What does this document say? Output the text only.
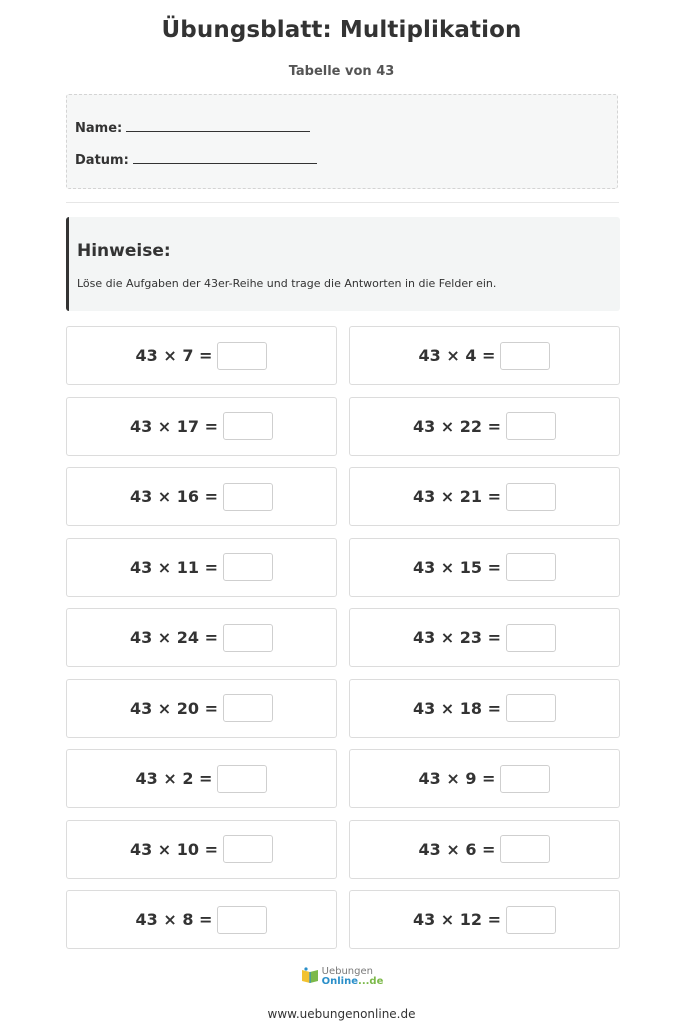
Übungsblatt: Multiplikation
Tabelle von 43
Name:
Datum:
Hinweise:
Löse die Aufgaben der 43er-Reihe und trage die Antworten in die Felder ein.
43 × 7 =	43 × 4 =
43 × 17 =	43 × 22 =
43 × 16 =	43 × 21 =
43 × 11 =	43 × 15 =
43 × 24 =	43 × 23 =
43 × 20 =	43 × 18 =
43 × 2 =	43 × 9 =
43 × 10 =	43 × 6 =
43 × 8 =	43 × 12 =
Uebungen
Online...de
www.uebungenonline.de
